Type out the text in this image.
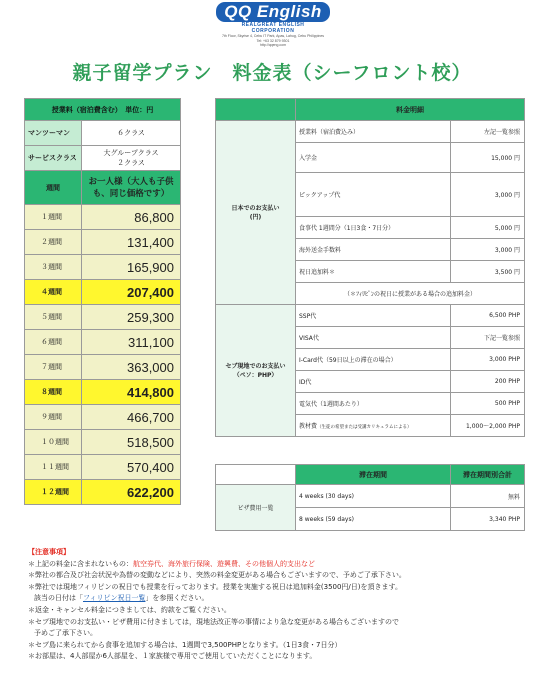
QQ English
REALGREAT ENGLISH
CORPORATION
7th Floor, Skyrise 4, Cebu IT Park, Apas, Lahug, Cebu Philippines
Tel: +63 32 879 9301
http://qqeng.com
親子留学プラン　料金表（シーフロント校）
授業料（宿泊費含む）　単位：円	
マンツーマン	６クラス
サービスクラス	大グループクラス
２クラス

週間	お一人様（大人も子供
も、同じ価格です）

１週間	86,800
２週間	131,400
３週間	165,900
４週間	207,400
５週間	259,300
６週間	311,100
７週間	363,000
８週間	414,800
９週間	466,700
１０週間	518,500
１１週間	570,400
１２週間	622,200
	料金明細	

日本でのお支払い
(円)	授業料（宿泊費込み）	左記一覧参照
	入学金	15,000 円
	ピックアップ代	3,000 円
	食事代 1週間分（1日3食・7日分）	5,000 円
	海外送金手数料	3,000 円
	祝日追加料＊	3,500 円
	（＊ﾌｨﾘﾋﾟﾝの祝日に授業がある場合の追加料金）	

セブ現地でのお支払い
（ペソ：PHP）	SSP代	6,500 PHP
	VISA代	下記一覧参照
	I-Card代（59日以上の滞在の場合）	3,000 PHP
	ID代	200 PHP
	電気代（1週間あたり）	500 PHP
	教材費（生徒の希望または受講カリキュラムによる）	1,000～2,000 PHP
	滞在期間	滞在期間別合計
ビザ費用一覧	4 weeks (30 days)	無料
	8 weeks (59 days)	3,340 PHP
【注意事項】
＊上記の料金に含まれないもの：航空券代、海外旅行保険、遊興費、その他個人的支出など
＊弊社の都合及び社会状況や為替の変動などにより、突然の料金変更がある場合もございますので、予めご了承下さい。
＊弊社では現地フィリピンの祝日でも授業を行っております。授業を実施する祝日は追加料金(3500円/日)を頂きます。
該当の日付は「フィリピン祝日一覧」を参照ください。
＊返金・キャンセル料金につきましては、約款をご覧ください。
＊セブ現地でのお支払い・ビザ費用に付きましては，現地法改正等の事情により急な変更がある場合もございますので
予めご了承下さい。
＊セブ島に来られてから食事を追加する場合は、1週間で3,500PHPとなります。（1日3食・7日分）
＊お部屋は、4人部屋か6人部屋を、１家族様で専用でご使用していただくことになります。
